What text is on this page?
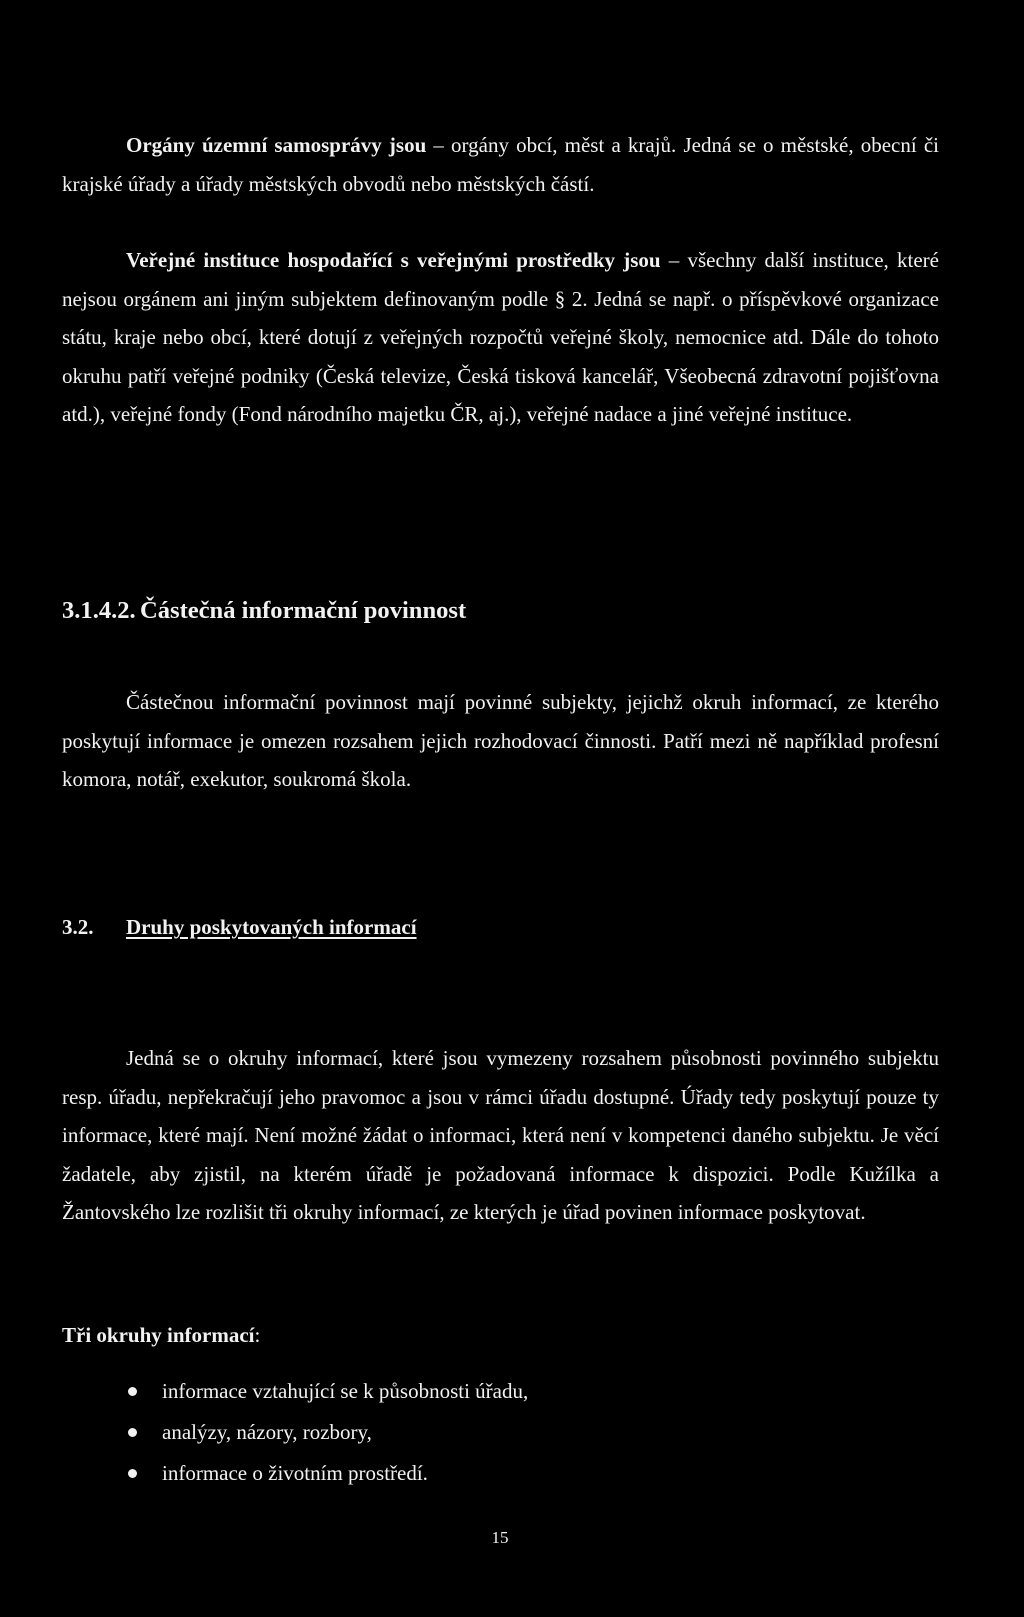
Orgány územní samosprávy jsou – orgány obcí, měst a krajů. Jedná se o městské, obecní či krajské úřady a úřady městských obvodů nebo městských částí.

Veřejné instituce hospodařící s veřejnými prostředky jsou – všechny další instituce, které nejsou orgánem ani jiným subjektem definovaným podle § 2. Jedná se např. o příspěvkové organizace státu, kraje nebo obcí, které dotují z veřejných rozpočtů veřejné školy, nemocnice atd. Dále do tohoto okruhu patří veřejné podniky (Česká televize, Česká tisková kancelář, Všeobecná zdravotní pojišťovna atd.), veřejné fondy (Fond národního majetku ČR, aj.), veřejné nadace a jiné veřejné instituce.

3.1.4.2. Částečná informační povinnost

Částečnou informační povinnost mají povinné subjekty, jejichž okruh informací, ze kterého poskytují informace je omezen rozsahem jejich rozhodovací činnosti. Patří mezi ně například profesní komora, notář, exekutor, soukromá škola.

3.2. Druhy poskytovaných informací

Jedná se o okruhy informací, které jsou vymezeny rozsahem působnosti povinného subjektu resp. úřadu, nepřekračují jeho pravomoc a jsou v rámci úřadu dostupné. Úřady tedy poskytují pouze ty informace, které mají. Není možné žádat o informaci, která není v kompetenci daného subjektu. Je věcí žadatele, aby zjistil, na kterém úřadě je požadovaná informace k dispozici. Podle Kužílka a Žantovského lze rozlišit tři okruhy informací, ze kterých je úřad povinen informace poskytovat.

Tři okruhy informací:

informace vztahující se k působnosti úřadu,
analýzy, názory, rozbory,
informace o životním prostředí.

15
